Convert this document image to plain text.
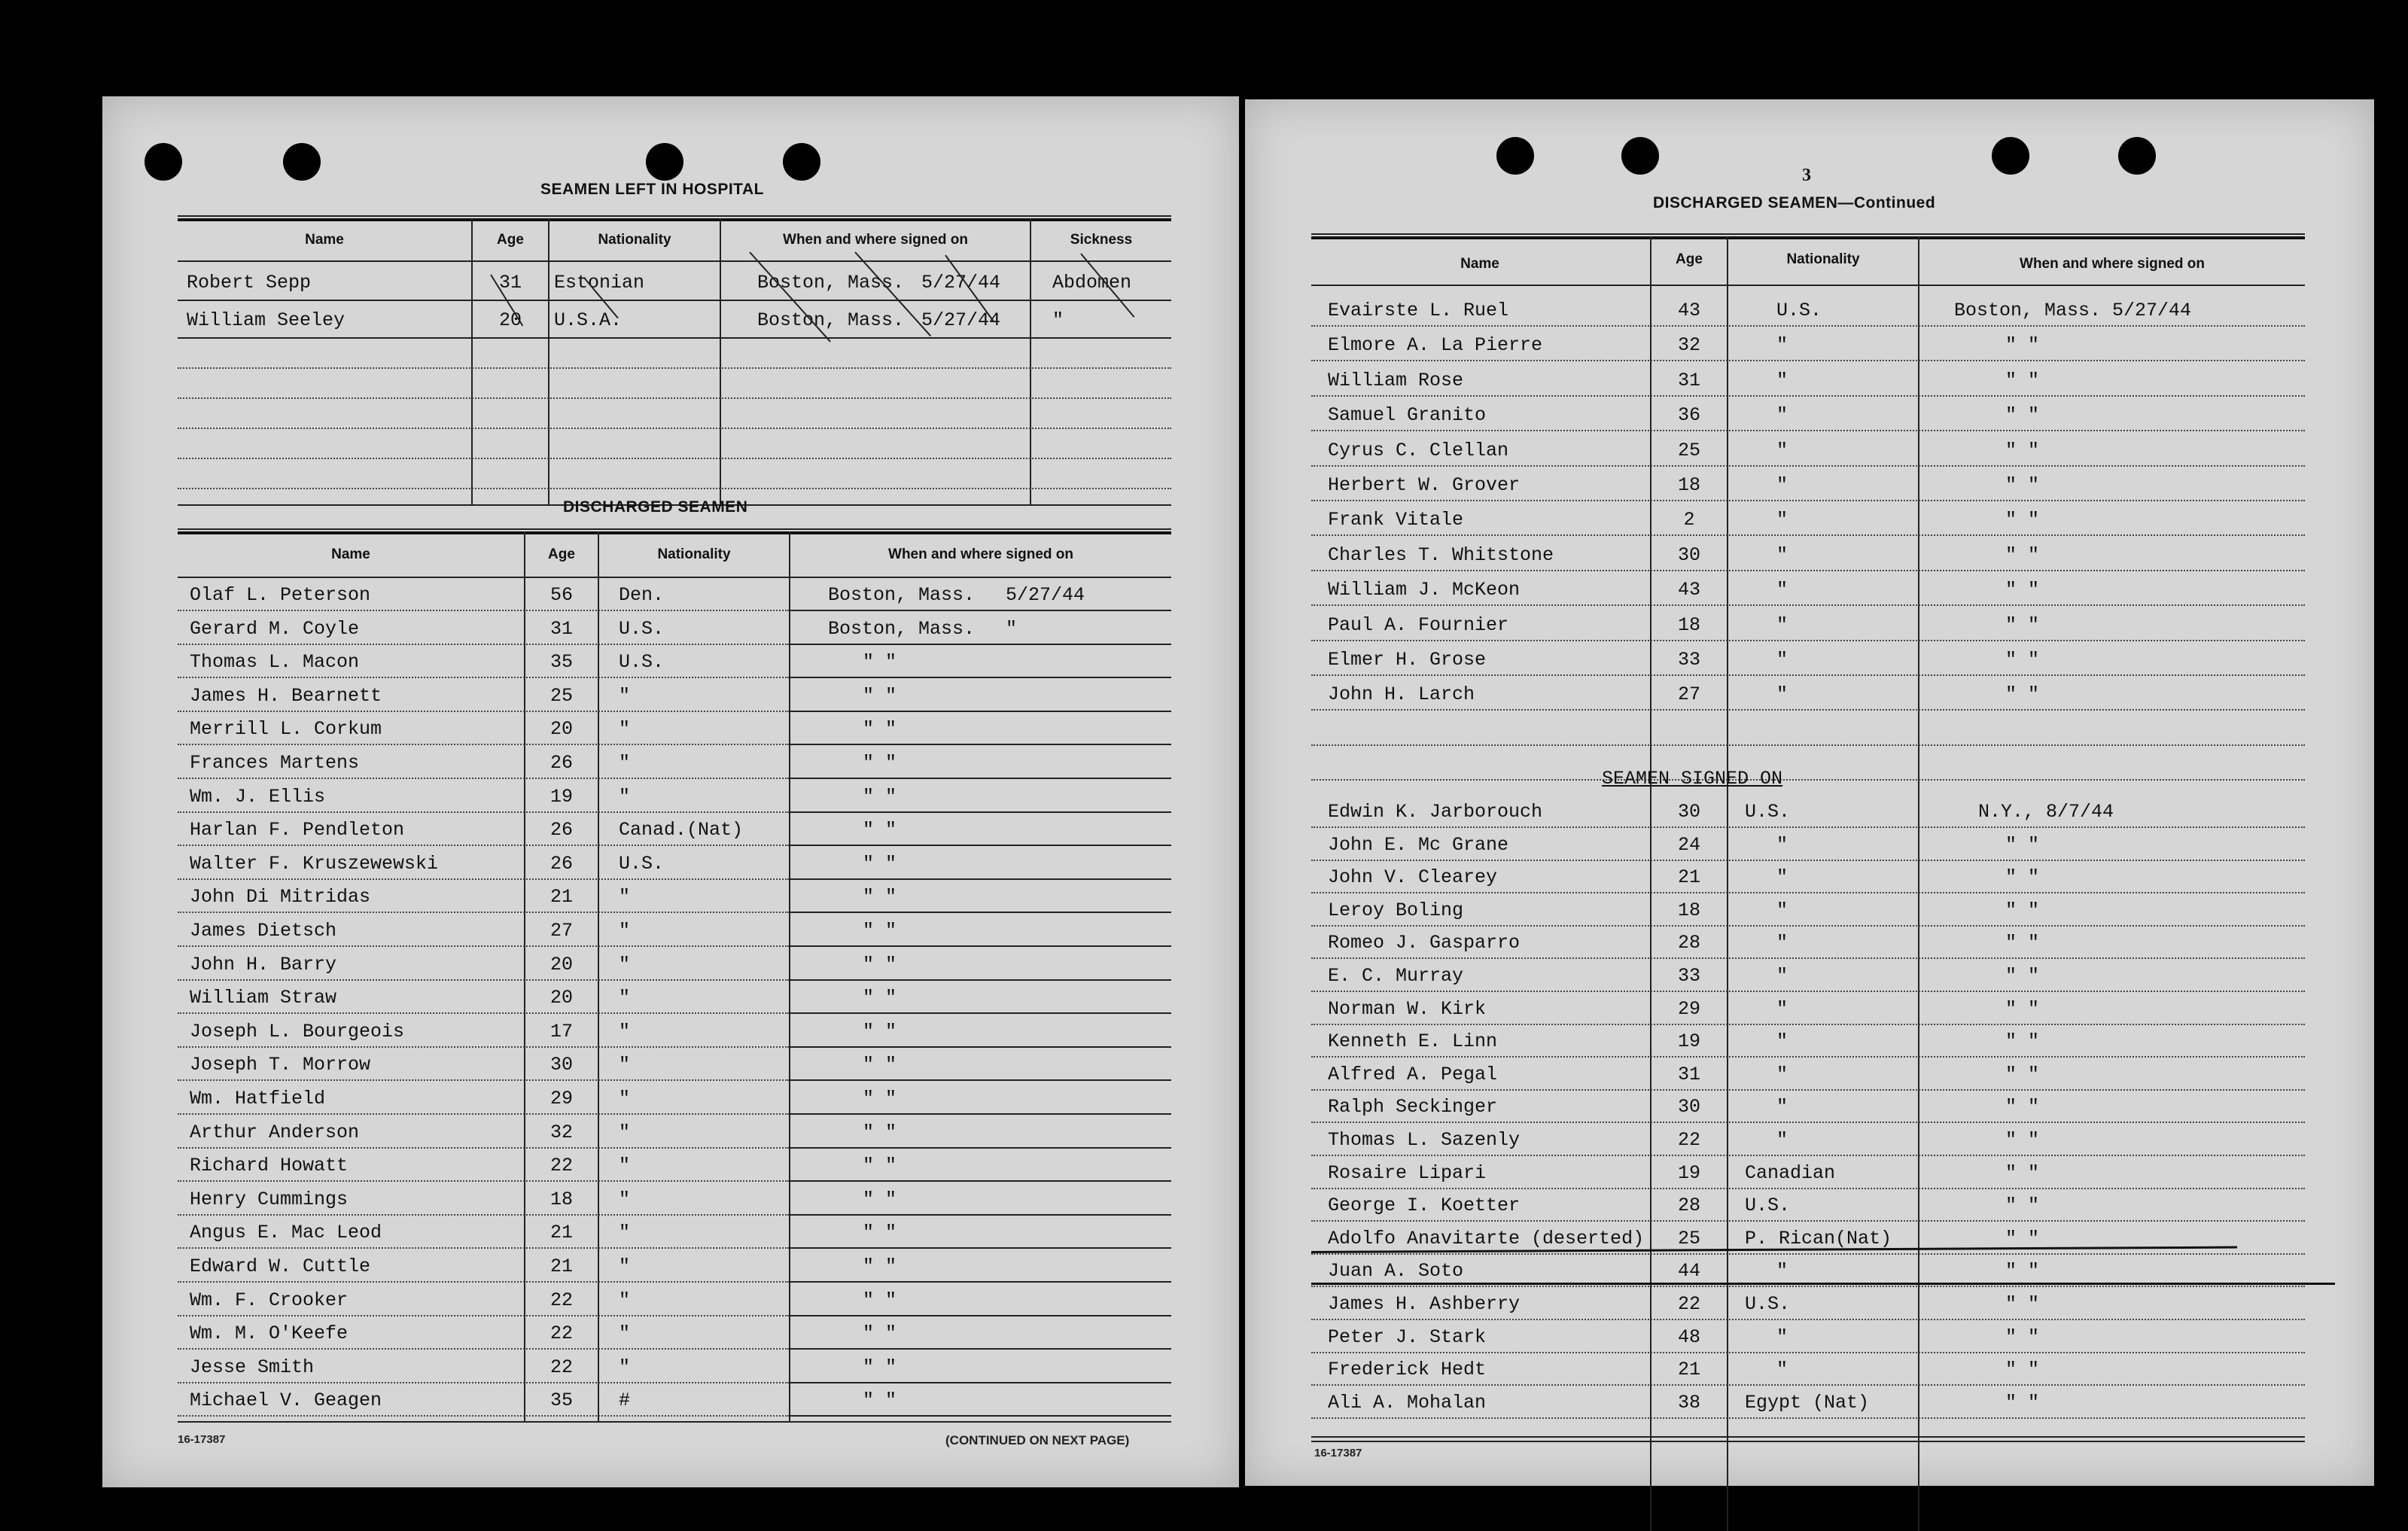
SEAMEN LEFT IN HOSPITAL
Name	Age	Nationality	When and where signed on	Sickness
Robert Sepp	31	Estonian	Boston, Mass. 5/27/44	Abdomen
William Seeley	20	U.S.A.	Boston, Mass. 5/27/44	"
DISCHARGED SEAMEN
Name	Age	Nationality	When and where signed on
Olaf L. Peterson	56	Den.	Boston, Mass. 5/27/44
Gerard M. Coyle	31	U.S.	Boston, Mass. "
Thomas L. Macon	35	U.S.	" "
James H. Bearnett	25	"	" "
Merrill L. Corkum	20	"	" "
Frances Martens	26	"	" "
Wm. J. Ellis	19	"	" "
Harlan F. Pendleton	26	Canad.(Nat)	" "
Walter F. Kruszewewski	26	U.S.	" "
John Di Mitridas	21	"	" "
James Dietsch	27	"	" "
John H. Barry	20	"	" "
William Straw	20	"	" "
Joseph L. Bourgeois	17	"	" "
Joseph T. Morrow	30	"	" "
Wm. Hatfield	29	"	" "
Arthur Anderson	32	"	" "
Richard Howatt	22	"	" "
Henry Cummings	18	"	" "
Angus E. Mac Leod	21	"	" "
Edward W. Cuttle	21	"	" "
Wm. F. Crooker	22	"	" "
Wm. M. O'Keefe	22	"	" "
Jesse Smith	22	"	" "
Michael V. Geagen	35	#	" "
16-17387	(CONTINUED ON NEXT PAGE)
3
DISCHARGED SEAMEN—Continued
Name	Age	Nationality	When and where signed on
Evairste L. Ruel	43	U.S.	Boston, Mass. 5/27/44
Elmore A. La Pierre	32	"	" "
William Rose	31	"	" "
Samuel Granito	36	"	" "
Cyrus C. Clellan	25	"	" "
Herbert W. Grover	18	"	" "
Frank Vitale	2	"	" "
Charles T. Whitstone	30	"	" "
William J. McKeon	43	"	" "
Paul A. Fournier	18	"	" "
Elmer H. Grose	33	"	" "
John H. Larch	27	"	" "
SEAMEN SIGNED ON
Edwin K. Jarborouch	30	U.S.	N.Y., 8/7/44
John E. Mc Grane	24	"	" "
John V. Clearey	21	"	" "
Leroy Boling	18	"	" "
Romeo J. Gasparro	28	"	" "
E. C. Murray	33	"	" "
Norman W. Kirk	29	"	" "
Kenneth E. Linn	19	"	" "
Alfred A. Pegal	31	"	" "
Ralph Seckinger	30	"	" "
Thomas L. Sazenly	22	"	" "
Rosaire Lipari	19	Canadian	" "
George I. Koetter	28	U.S.	" "
Adolfo Anavitarte (deserted)	25	P. Rican(Nat)	" "
Juan A. Soto	44	"	" "
James H. Ashberry	22	U.S.	" "
Peter J. Stark	48	"	" "
Frederick Hedt	21	"	" "
Ali A. Mohalan	38	Egypt (Nat)	" "
16-17387
